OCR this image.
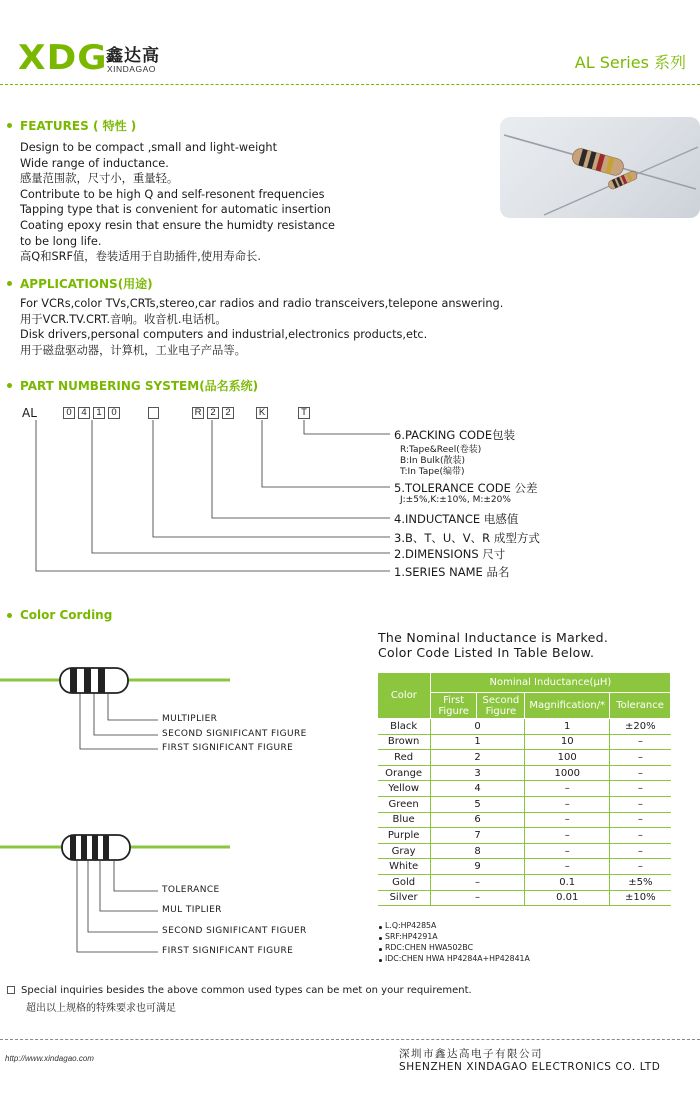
XDG
鑫达高
XINDAGAO	AL Series 系列
FEATURES ( 特性 )
Design to be compact ,small and light-weight
Wide range of inductance.
感量范围款，尺寸小，重量轻。
Contribute to be high Q and self-resonent frequencies
Tapping type that is convenient for automatic insertion
Coating epoxy resin that ensure the humidty resistance
to be long life.
高Q和SRF值，卷装适用于自助插件,使用寿命长.
APPLICATIONS(用途)
For VCRs,color TVs,CRTs,stereo,car radios and radio transceivers,telepone answering.
用于VCR.TV.CRT.音响。收音机.电话机。
Disk drivers,personal computers and industrial,electronics products,etc.
用于磁盘驱动器，计算机，工业电子产品等。
PART NUMBERING SYSTEM(品名系统)
AL	0	4	1	0	R 2	2	K	T
6.PACKING CODE包装
R:Tape&Reel(卷装)
B:In Bulk(散装)
T:In Tape(编带)
5.TOLERANCE CODE 公差
J:±5%,K:±10%, M:±20%
4.INDUCTANCE 电感值
3.B、T、U、V、R 成型方式
2.DIMENSIONS 尺寸
1.SERIES NAME 品名
Color Cording
MULTIPLIER
SECOND SIGNIFICANT FIGURE
FIRST SIGNIFICANT FIGURE
TOLERANCE
MUL TIPLIER
SECOND SIGNIFICANT FIGUER
FIRST SIGNIFICANT FIGURE
The Nominal Inductance is Marked.
Color Code Listed In Table Below.
Color	Nominal Inductance(μH)			
	First Figure	Second Figure	Magnification/*	Tolerance
Black	0		1	±20%
Brown	1		10	–
Red	2		100	–
Orange	3		1000	–
Yellow	4		–	–
Green	5		–	–
Blue	6		–	–
Purple	7		–	–
Gray	8		–	–
White	9		–	–
Gold	–		0.1	±5%
Silver	–		0.01	±10%
L.Q:HP4285A
SRF:HP4291A
RDC:CHEN HWA502BC
IDC:CHEN HWA HP4284A+HP42841A
Special inquiries besides the above common used types can be met on your requirement.
超出以上规格的特殊要求也可满足
http://www.xindagao.com	深圳市鑫达高电子有限公司
SHENZHEN XINDAGAO ELECTRONICS CO. LTD
